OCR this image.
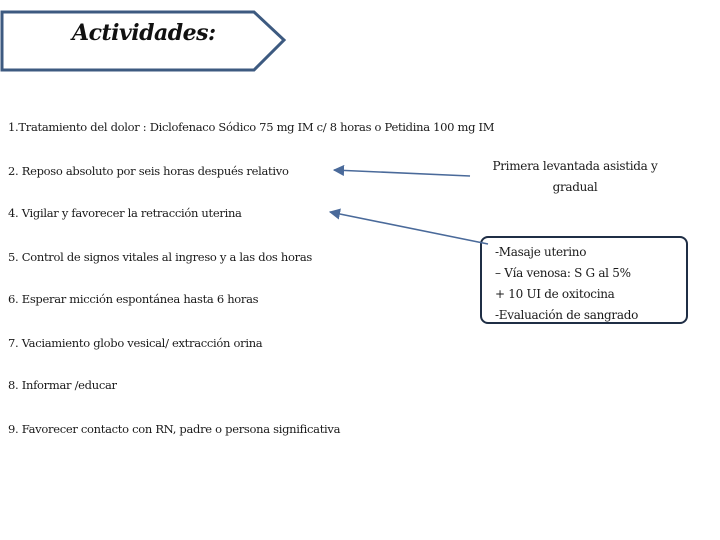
Actividades:
1.Tratamiento del dolor : Diclofenaco Sódico 75 mg IM c/ 8 horas o Petidina 100 mg IM
2. Reposo absoluto por seis horas después relativo
4. Vigilar y favorecer la retracción uterina
5. Control de signos vitales al ingreso y a las dos horas
6. Esperar micción espontánea hasta 6 horas
7. Vaciamiento globo vesical/ extracción orina
8. Informar /educar
9. Favorecer contacto con RN, padre o persona significativa
Primera levantada asistida y
gradual
-Masaje uterino
– Vía venosa: S G al 5%
+ 10 UI de oxitocina
-Evaluación de sangrado
